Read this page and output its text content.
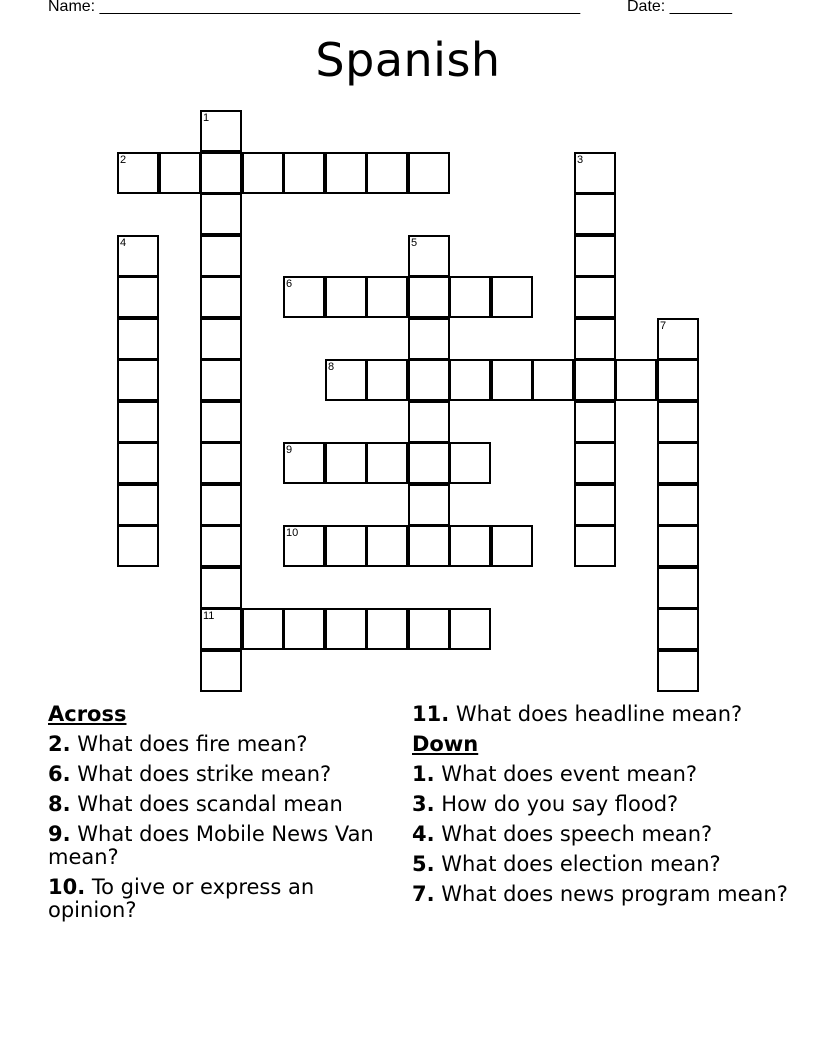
Name: ______________________________________________________	Date: _______
Spanish
1
11
2	3
4	5
6
7
8
9
10
Across
2. What does fire mean?
6. What does strike mean?
8. What does scandal mean
9. What does Mobile News Van mean?
10. To give or express an opinion?
11. What does headline mean?
Down
1. What does event mean?
3. How do you say flood?
4. What does speech mean?
5. What does election mean?
7. What does news program mean?
